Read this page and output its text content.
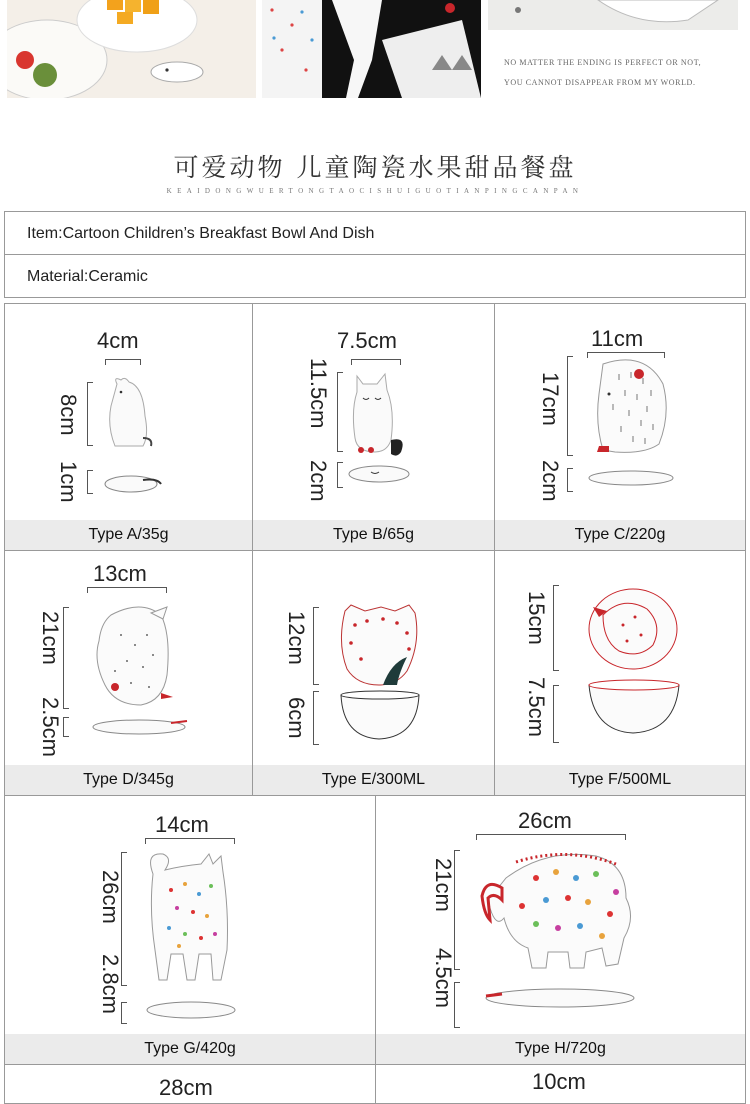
NO MATTER THE ENDING IS PERFECT OR NOT,
YOU CANNOT DISAPPEAR FROM MY WORLD.
可爱动物 儿童陶瓷水果甜品餐盘
KEAIDONGWUERTONGTAOCISHUIGUOTIANPINGCANPAN
Item:Cartoon Children’s Breakfast Bowl And Dish
Material:Ceramic
4cm
8cm
1cm
Type A/35g
7.5cm
11.5cm
2cm
Type B/65g
11cm
17cm
2cm
Type C/220g
13cm
21cm
2.5cm
Type D/345g
12cm
6cm
Type E/300ML
15cm
7.5cm
Type F/500ML
14cm
26cm
2.8cm
Type G/420g
26cm
21cm
4.5cm
Type H/720g
28cm	10cm
